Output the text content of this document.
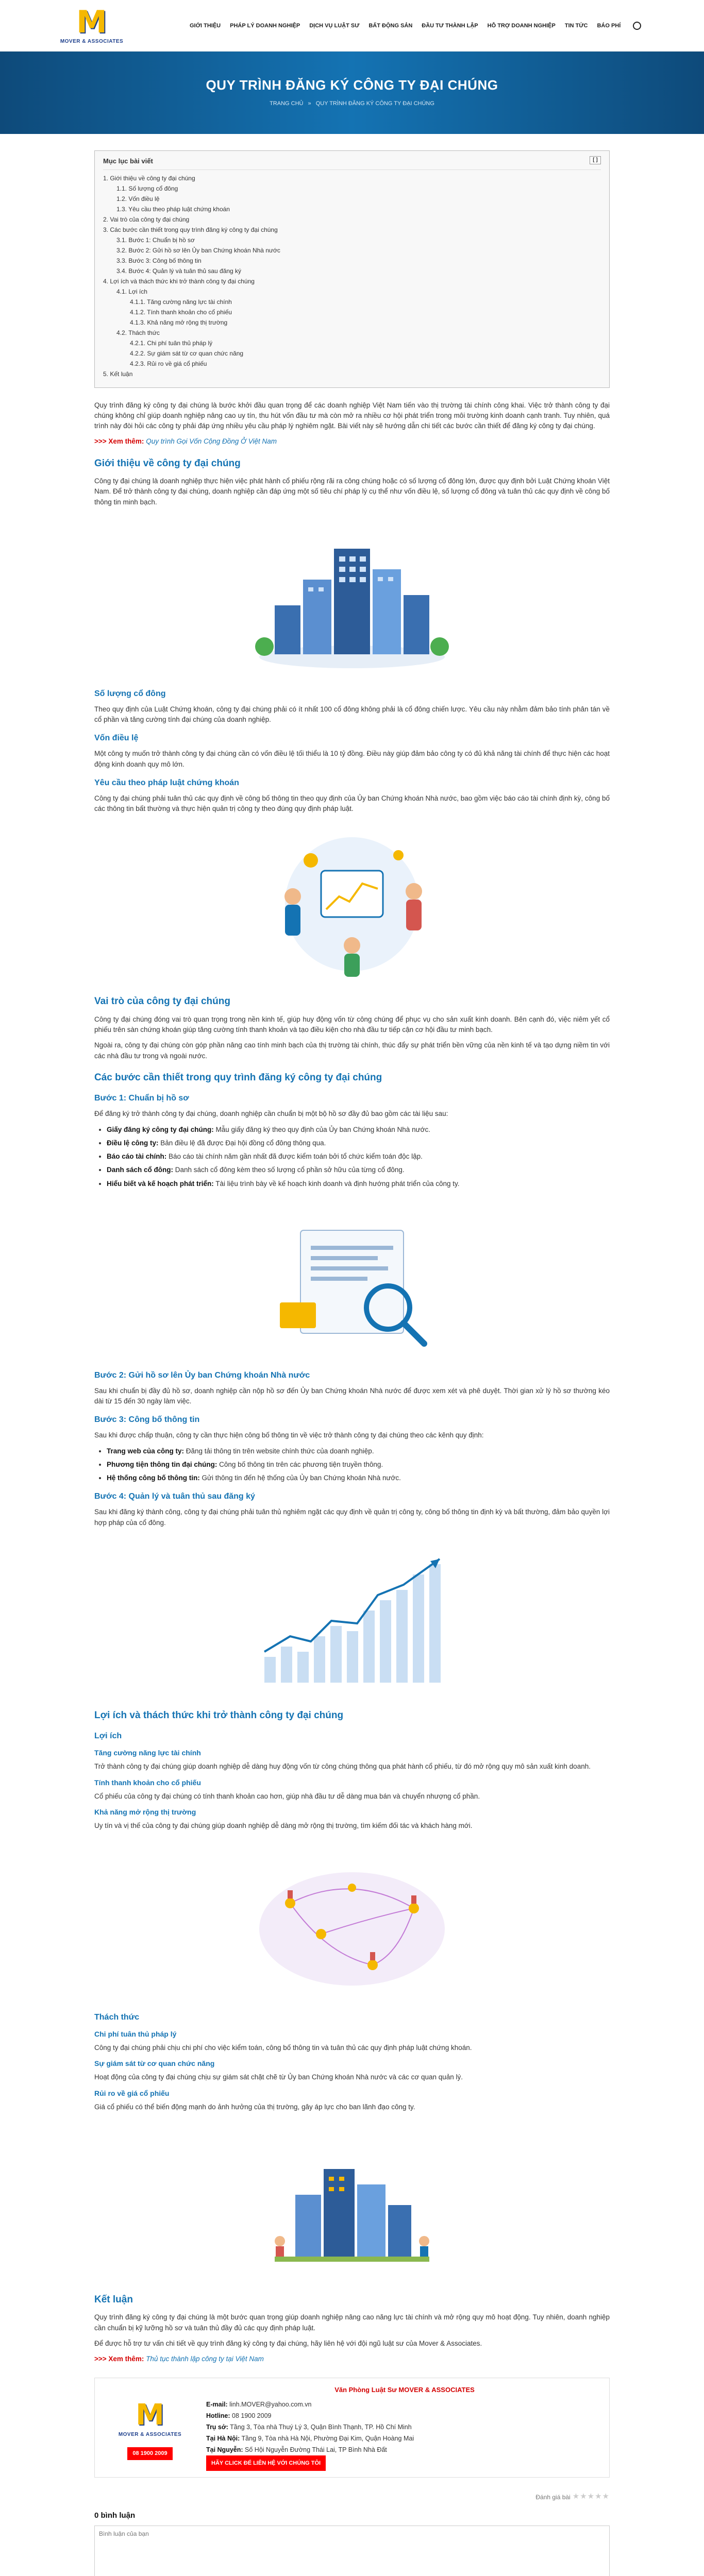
M
MOVER & ASSOCIATES
GIỚI THIỆU PHÁP LÝ DOANH NGHIỆP DỊCH VỤ LUẬT SƯ BẤT ĐỘNG SẢN ĐẦU TƯ THÀNH LẬP HỖ TRỢ DOANH NGHIỆP TIN TỨC BÁO PHÍ
QUY TRÌNH ĐĂNG KÝ CÔNG TY ĐẠI CHÚNG
TRANG CHỦ » QUY TRÌNH ĐĂNG KÝ CÔNG TY ĐẠI CHÚNG
Mục lục bài viết	[ ]
1. Giới thiệu về công ty đại chúng
1.1. Số lượng cổ đông
1.2. Vốn điều lệ
1.3. Yêu cầu theo pháp luật chứng khoán
2. Vai trò của công ty đại chúng
3. Các bước cần thiết trong quy trình đăng ký công ty đại chúng
3.1. Bước 1: Chuẩn bị hồ sơ
3.2. Bước 2: Gửi hồ sơ lên Ủy ban Chứng khoán Nhà nước
3.3. Bước 3: Công bố thông tin
3.4. Bước 4: Quản lý và tuân thủ sau đăng ký
4. Lợi ích và thách thức khi trở thành công ty đại chúng
4.1. Lợi ích
4.1.1. Tăng cường năng lực tài chính
4.1.2. Tính thanh khoản cho cổ phiếu
4.1.3. Khả năng mở rộng thị trường
4.2. Thách thức
4.2.1. Chi phí tuân thủ pháp lý
4.2.2. Sự giám sát từ cơ quan chức năng
4.2.3. Rủi ro về giá cổ phiếu
5. Kết luận

Quy trình đăng ký công ty đại chúng là bước khởi đầu quan trọng để các doanh nghiệp Việt Nam tiến vào thị trường tài chính công khai. Việc trở thành công ty đại chúng không chỉ giúp doanh nghiệp nâng cao uy tín, thu hút vốn đầu tư mà còn mở ra nhiều cơ hội phát triển trong môi trường kinh doanh cạnh tranh. Tuy nhiên, quá trình này đòi hỏi các công ty phải đáp ứng nhiều yêu cầu pháp lý nghiêm ngặt. Bài viết này sẽ hướng dẫn chi tiết các bước cần thiết để đăng ký công ty đại chúng.

>>> Xem thêm: Quy trình Gọi Vốn Cộng Đồng Ở Việt Nam

Giới thiệu về công ty đại chúng

Công ty đại chúng là doanh nghiệp thực hiện việc phát hành cổ phiếu rộng rãi ra công chúng hoặc có số lượng cổ đông lớn, được quy định bởi Luật Chứng khoán Việt Nam. Để trở thành công ty đại chúng, doanh nghiệp cần đáp ứng một số tiêu chí pháp lý cụ thể như vốn điều lệ, số lượng cổ đông và tuân thủ các quy định về công bố thông tin minh bạch.

Số lượng cổ đông

Theo quy định của Luật Chứng khoán, công ty đại chúng phải có ít nhất 100 cổ đông không phải là cổ đông chiến lược. Yêu cầu này nhằm đảm bảo tính phân tán về cổ phần và tăng cường tính đại chúng của doanh nghiệp.

Vốn điều lệ

Một công ty muốn trở thành công ty đại chúng cần có vốn điều lệ tối thiểu là 10 tỷ đồng. Điều này giúp đảm bảo công ty có đủ khả năng tài chính để thực hiện các hoạt động kinh doanh quy mô lớn.

Yêu cầu theo pháp luật chứng khoán

Công ty đại chúng phải tuân thủ các quy định về công bố thông tin theo quy định của Ủy ban Chứng khoán Nhà nước, bao gồm việc báo cáo tài chính định kỳ, công bố các thông tin bất thường và thực hiện quản trị công ty theo đúng quy định pháp luật.

Vai trò của công ty đại chúng

Công ty đại chúng đóng vai trò quan trọng trong nền kinh tế, giúp huy động vốn từ công chúng để phục vụ cho sản xuất kinh doanh. Bên cạnh đó, việc niêm yết cổ phiếu trên sàn chứng khoán giúp tăng cường tính thanh khoản và tạo điều kiện cho nhà đầu tư tiếp cận cơ hội đầu tư minh bạch.

Ngoài ra, công ty đại chúng còn góp phần nâng cao tính minh bạch của thị trường tài chính, thúc đẩy sự phát triển bền vững của nền kinh tế và tạo dựng niềm tin với các nhà đầu tư trong và ngoài nước.

Các bước cần thiết trong quy trình đăng ký công ty đại chúng
Bước 1: Chuẩn bị hồ sơ

Để đăng ký trở thành công ty đại chúng, doanh nghiệp cần chuẩn bị một bộ hồ sơ đầy đủ bao gồm các tài liệu sau:

• Giấy đăng ký công ty đại chúng: Mẫu giấy đăng ký theo quy định của Ủy ban Chứng khoán Nhà nước.
• Điều lệ công ty: Bản điều lệ đã được Đại hội đồng cổ đông thông qua.
• Báo cáo tài chính: Báo cáo tài chính năm gần nhất đã được kiểm toán bởi tổ chức kiểm toán độc lập.
• Danh sách cổ đông: Danh sách cổ đông kèm theo số lượng cổ phần sở hữu của từng cổ đông.
• Hiểu biết và kế hoạch phát triển: Tài liệu trình bày về kế hoạch kinh doanh và định hướng phát triển của công ty.
Bước 2: Gửi hồ sơ lên Ủy ban Chứng khoán Nhà nước

Sau khi chuẩn bị đầy đủ hồ sơ, doanh nghiệp cần nộp hồ sơ đến Ủy ban Chứng khoán Nhà nước để được xem xét và phê duyệt. Thời gian xử lý hồ sơ thường kéo dài từ 15 đến 30 ngày làm việc.

Bước 3: Công bố thông tin

Sau khi được chấp thuận, công ty cần thực hiện công bố thông tin về việc trở thành công ty đại chúng theo các kênh quy định:

• Trang web của công ty: Đăng tải thông tin trên website chính thức của doanh nghiệp.
• Phương tiện thông tin đại chúng: Công bố thông tin trên các phương tiện truyền thông.
• Hệ thống công bố thông tin: Gửi thông tin đến hệ thống của Ủy ban Chứng khoán Nhà nước.
Bước 4: Quản lý và tuân thủ sau đăng ký

Sau khi đăng ký thành công, công ty đại chúng phải tuân thủ nghiêm ngặt các quy định về quản trị công ty, công bố thông tin định kỳ và bất thường, đảm bảo quyền lợi hợp pháp của cổ đông.

Lợi ích và thách thức khi trở thành công ty đại chúng
Lợi ích
Tăng cường năng lực tài chính

Trở thành công ty đại chúng giúp doanh nghiệp dễ dàng huy động vốn từ công chúng thông qua phát hành cổ phiếu, từ đó mở rộng quy mô sản xuất kinh doanh.

Tính thanh khoản cho cổ phiếu

Cổ phiếu của công ty đại chúng có tính thanh khoản cao hơn, giúp nhà đầu tư dễ dàng mua bán và chuyển nhượng cổ phần.

Khả năng mở rộng thị trường

Uy tín và vị thế của công ty đại chúng giúp doanh nghiệp dễ dàng mở rộng thị trường, tìm kiếm đối tác và khách hàng mới.

Thách thức
Chi phí tuân thủ pháp lý

Công ty đại chúng phải chịu chi phí cho việc kiểm toán, công bố thông tin và tuân thủ các quy định pháp luật chứng khoán.

Sự giám sát từ cơ quan chức năng

Hoạt động của công ty đại chúng chịu sự giám sát chặt chẽ từ Ủy ban Chứng khoán Nhà nước và các cơ quan quản lý.

Rủi ro về giá cổ phiếu

Giá cổ phiếu có thể biến động mạnh do ảnh hưởng của thị trường, gây áp lực cho ban lãnh đạo công ty.

Kết luận

Quy trình đăng ký công ty đại chúng là một bước quan trọng giúp doanh nghiệp nâng cao năng lực tài chính và mở rộng quy mô hoạt động. Tuy nhiên, doanh nghiệp cần chuẩn bị kỹ lưỡng hồ sơ và tuân thủ đầy đủ các quy định pháp luật.

Để được hỗ trợ tư vấn chi tiết về quy trình đăng ký công ty đại chúng, hãy liên hệ với đội ngũ luật sư của Mover & Associates.

>>> Xem thêm: Thủ tục thành lập công ty tại Việt Nam

M
MOVER & ASSOCIATES
08 1900 2009
Văn Phòng Luật Sư MOVER & ASSOCIATES
E-mail: linh.MOVER@yahoo.com.vn
Hotline: 08 1900 2009
Trụ sở: Tầng 3, Tòa nhà Thuý Lý 3, Quận Bình Thạnh, TP. Hồ Chí Minh
Tại Hà Nội: Tầng 9, Tòa nhà Hà Nội, Phường Đại Kim, Quận Hoàng Mai
Tại Nguyễn: Số Hội Nguyễn Đường Thái Lai, TP Bình Nhà Đất
HÃY CLICK ĐỂ LIÊN HỆ VỚI CHÚNG TÔI
Đánh giá bài ★★★★★
0 bình luận
Bình luận của bạn
